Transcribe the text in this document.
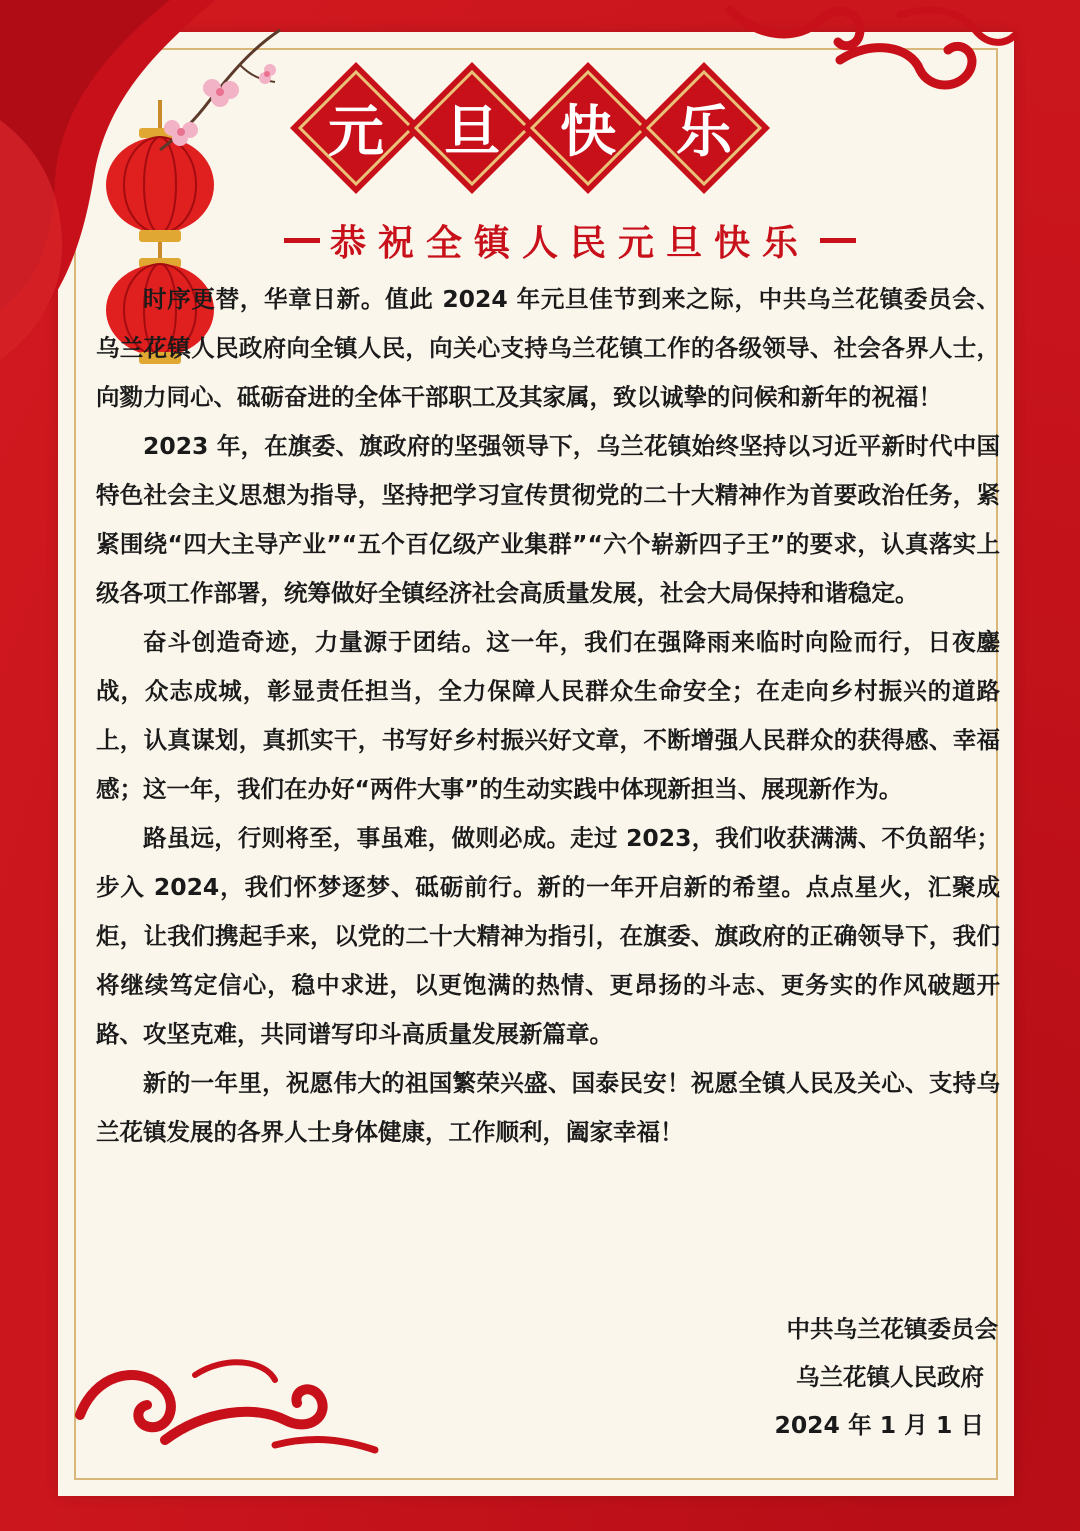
元	旦	快	乐
恭祝全镇人民元旦快乐

时序更替，华章日新。值此 2024 年元旦佳节到来之际，中共乌兰花镇委员会、乌兰花镇人民政府向全镇人民，向关心支持乌兰花镇工作的各级领导、社会各界人士，向勠力同心、砥砺奋进的全体干部职工及其家属，致以诚挚的问候和新年的祝福！

2023 年，在旗委、旗政府的坚强领导下，乌兰花镇始终坚持以习近平新时代中国特色社会主义思想为指导，坚持把学习宣传贯彻党的二十大精神作为首要政治任务，紧紧围绕“四大主导产业”“五个百亿级产业集群”“六个崭新四子王”的要求，认真落实上级各项工作部署，统筹做好全镇经济社会高质量发展，社会大局保持和谐稳定。

奋斗创造奇迹，力量源于团结。这一年，我们在强降雨来临时向险而行，日夜鏖战，众志成城，彰显责任担当，全力保障人民群众生命安全；在走向乡村振兴的道路上，认真谋划，真抓实干，书写好乡村振兴好文章，不断增强人民群众的获得感、幸福感；这一年，我们在办好“两件大事”的生动实践中体现新担当、展现新作为。

路虽远，行则将至，事虽难，做则必成。走过 2023，我们收获满满、不负韶华；步入 2024，我们怀梦逐梦、砥砺前行。新的一年开启新的希望。点点星火，汇聚成炬，让我们携起手来，以党的二十大精神为指引，在旗委、旗政府的正确领导下，我们将继续笃定信心，稳中求进，以更饱满的热情、更昂扬的斗志、更务实的作风破题开路、攻坚克难，共同谱写印斗高质量发展新篇章。

新的一年里，祝愿伟大的祖国繁荣兴盛、国泰民安！祝愿全镇人民及关心、支持乌兰花镇发展的各界人士身体健康，工作顺利，阖家幸福！

中共乌兰花镇委员会
乌兰花镇人民政府
2024 年 1 月 1 日
